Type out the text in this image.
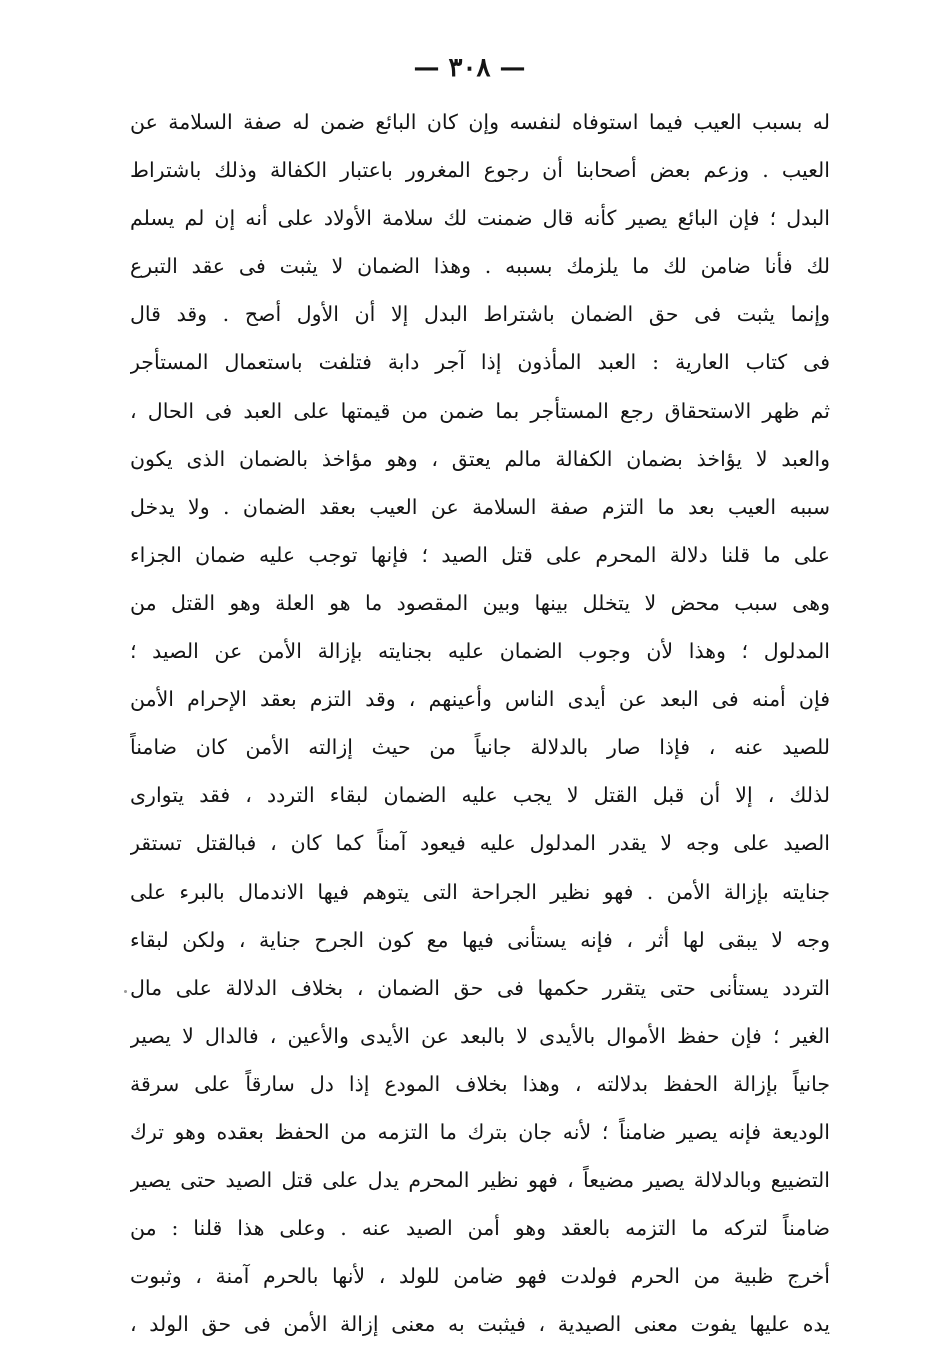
— ٣٠٨ —
له بسبب العيب فيما استوفاه لنفسه وإن كان البائع ضمن له صفة السلامة عن
العيب . وزعم بعض أصحابنا أن رجوع المغرور باعتبار الكفالة وذلك باشتراط
البدل ؛ فإن البائع يصير كأنه قال ضمنت لك سلامة الأولاد على أنه إن لم يسلم
لك فأنا ضامن لك ما يلزمك بسببه . وهذا الضمان لا يثبت فى عقد التبرع
وإنما يثبت فى حق الضمان باشتراط البدل إلا أن الأول أصح . وقد قال
فى كتاب العارية : العبد المأذون إذا آجر دابة فتلفت باستعمال المستأجر
ثم ظهر الاستحقاق رجع المستأجر بما ضمن من قيمتها على العبد فى الحال ،
والعبد لا يؤاخذ بضمان الكفالة مالم يعتق ، وهو مؤاخذ بالضمان الذى يكون
سببه العيب بعد ما التزم صفة السلامة عن العيب بعقد الضمان . ولا يدخل
على ما قلنا دلالة المحرم على قتل الصيد ؛ فإنها توجب عليه ضمان الجزاء
وهى سبب محض لا يتخلل بينها وبين المقصود ما هو العلة وهو القتل من
المدلول ؛ وهذا لأن وجوب الضمان عليه بجنايته بإزالة الأمن عن الصيد ؛
فإن أمنه فى البعد عن أيدى الناس وأعينهم ، وقد التزم بعقد الإحرام الأمن
للصيد عنه ، فإذا صار بالدلالة جانياً من حيث إزالته الأمن كان ضامناً
لذلك ، إلا أن قبل القتل لا يجب عليه الضمان لبقاء التردد ، فقد يتوارى
الصيد على وجه لا يقدر المدلول عليه فيعود آمناً كما كان ، فبالقتل تستقر
جنايته بإزالة الأمن . فهو نظير الجراحة التى يتوهم فيها الاندمال بالبرء على
وجه لا يبقى لها أثر ، فإنه يستأنى فيها مع كون الجرح جناية ، ولكن لبقاء
التردد يستأنى حتى يتقرر حكمها فى حق الضمان ، بخلاف الدلالة على مال
الغير ؛ فإن حفظ الأموال بالأيدى لا بالبعد عن الأيدى والأعين ، فالدال لا يصير
جانياً بإزالة الحفظ بدلالته ، وهذا بخلاف المودع إذا دل سارقاً على سرقة
الوديعة فإنه يصير ضامناً ؛ لأنه جان بترك ما التزمه من الحفظ بعقده وهو ترك
التضييع وبالدلالة يصير مضيعاً ، فهو نظير المحرم يدل على قتل الصيد حتى يصير
ضامناً لتركه ما التزمه بالعقد وهو أمن الصيد عنه . وعلى هذا قلنا : من
أخرج ظبية من الحرم فولدت فهو ضامن للولد ، لأنها بالحرم آمنة ، وثبوت
يده عليها يفوت معنى الصيدية ، فيثبت به معنى إزالة الأمن فى حق الولد ،
